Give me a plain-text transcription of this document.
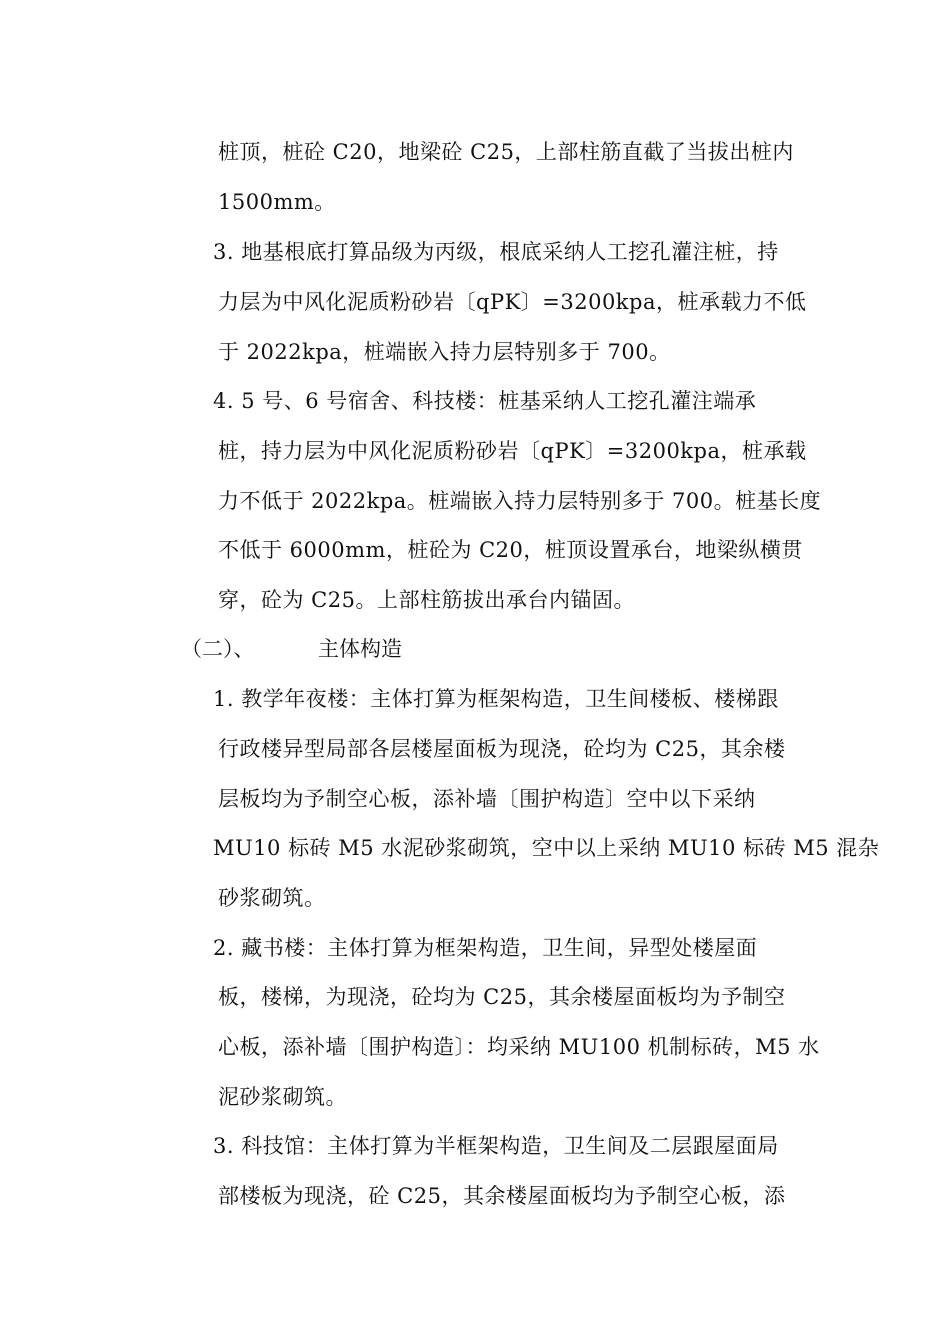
桩顶，桩砼 C20，地梁砼 C25，上部柱筋直截了当拔出桩内
1500mm。
3. 地基根底打算品级为丙级，根底采纳人工挖孔灌注桩，持
力层为中风化泥质粉砂岩〔qPK〕=3200kpa，桩承载力不低
于 2022kpa，桩端嵌入持力层特别多于 700。
4. 5 号、6 号宿舍、科技楼：桩基采纳人工挖孔灌注端承
桩，持力层为中风化泥质粉砂岩〔qPK〕=3200kpa，桩承载
力不低于 2022kpa。桩端嵌入持力层特别多于 700。桩基长度
不低于 6000mm，桩砼为 C20，桩顶设置承台，地梁纵横贯
穿，砼为 C25。上部柱筋拔出承台内锚固。
（二）、	主体构造
1. 教学年夜楼：主体打算为框架构造，卫生间楼板、楼梯跟
行政楼异型局部各层楼屋面板为现浇，砼均为 C25，其余楼
层板均为予制空心板，添补墙〔围护构造〕空中以下采纳
MU10 标砖 M5 水泥砂浆砌筑，空中以上采纳 MU10 标砖 M5 混杂
砂浆砌筑。
2. 藏书楼：主体打算为框架构造，卫生间，异型处楼屋面
板，楼梯，为现浇，砼均为 C25，其余楼屋面板均为予制空
心板，添补墙〔围护构造〕：均采纳 MU100 机制标砖，M5 水
泥砂浆砌筑。
3. 科技馆：主体打算为半框架构造，卫生间及二层跟屋面局
部楼板为现浇，砼 C25，其余楼屋面板均为予制空心板，添
